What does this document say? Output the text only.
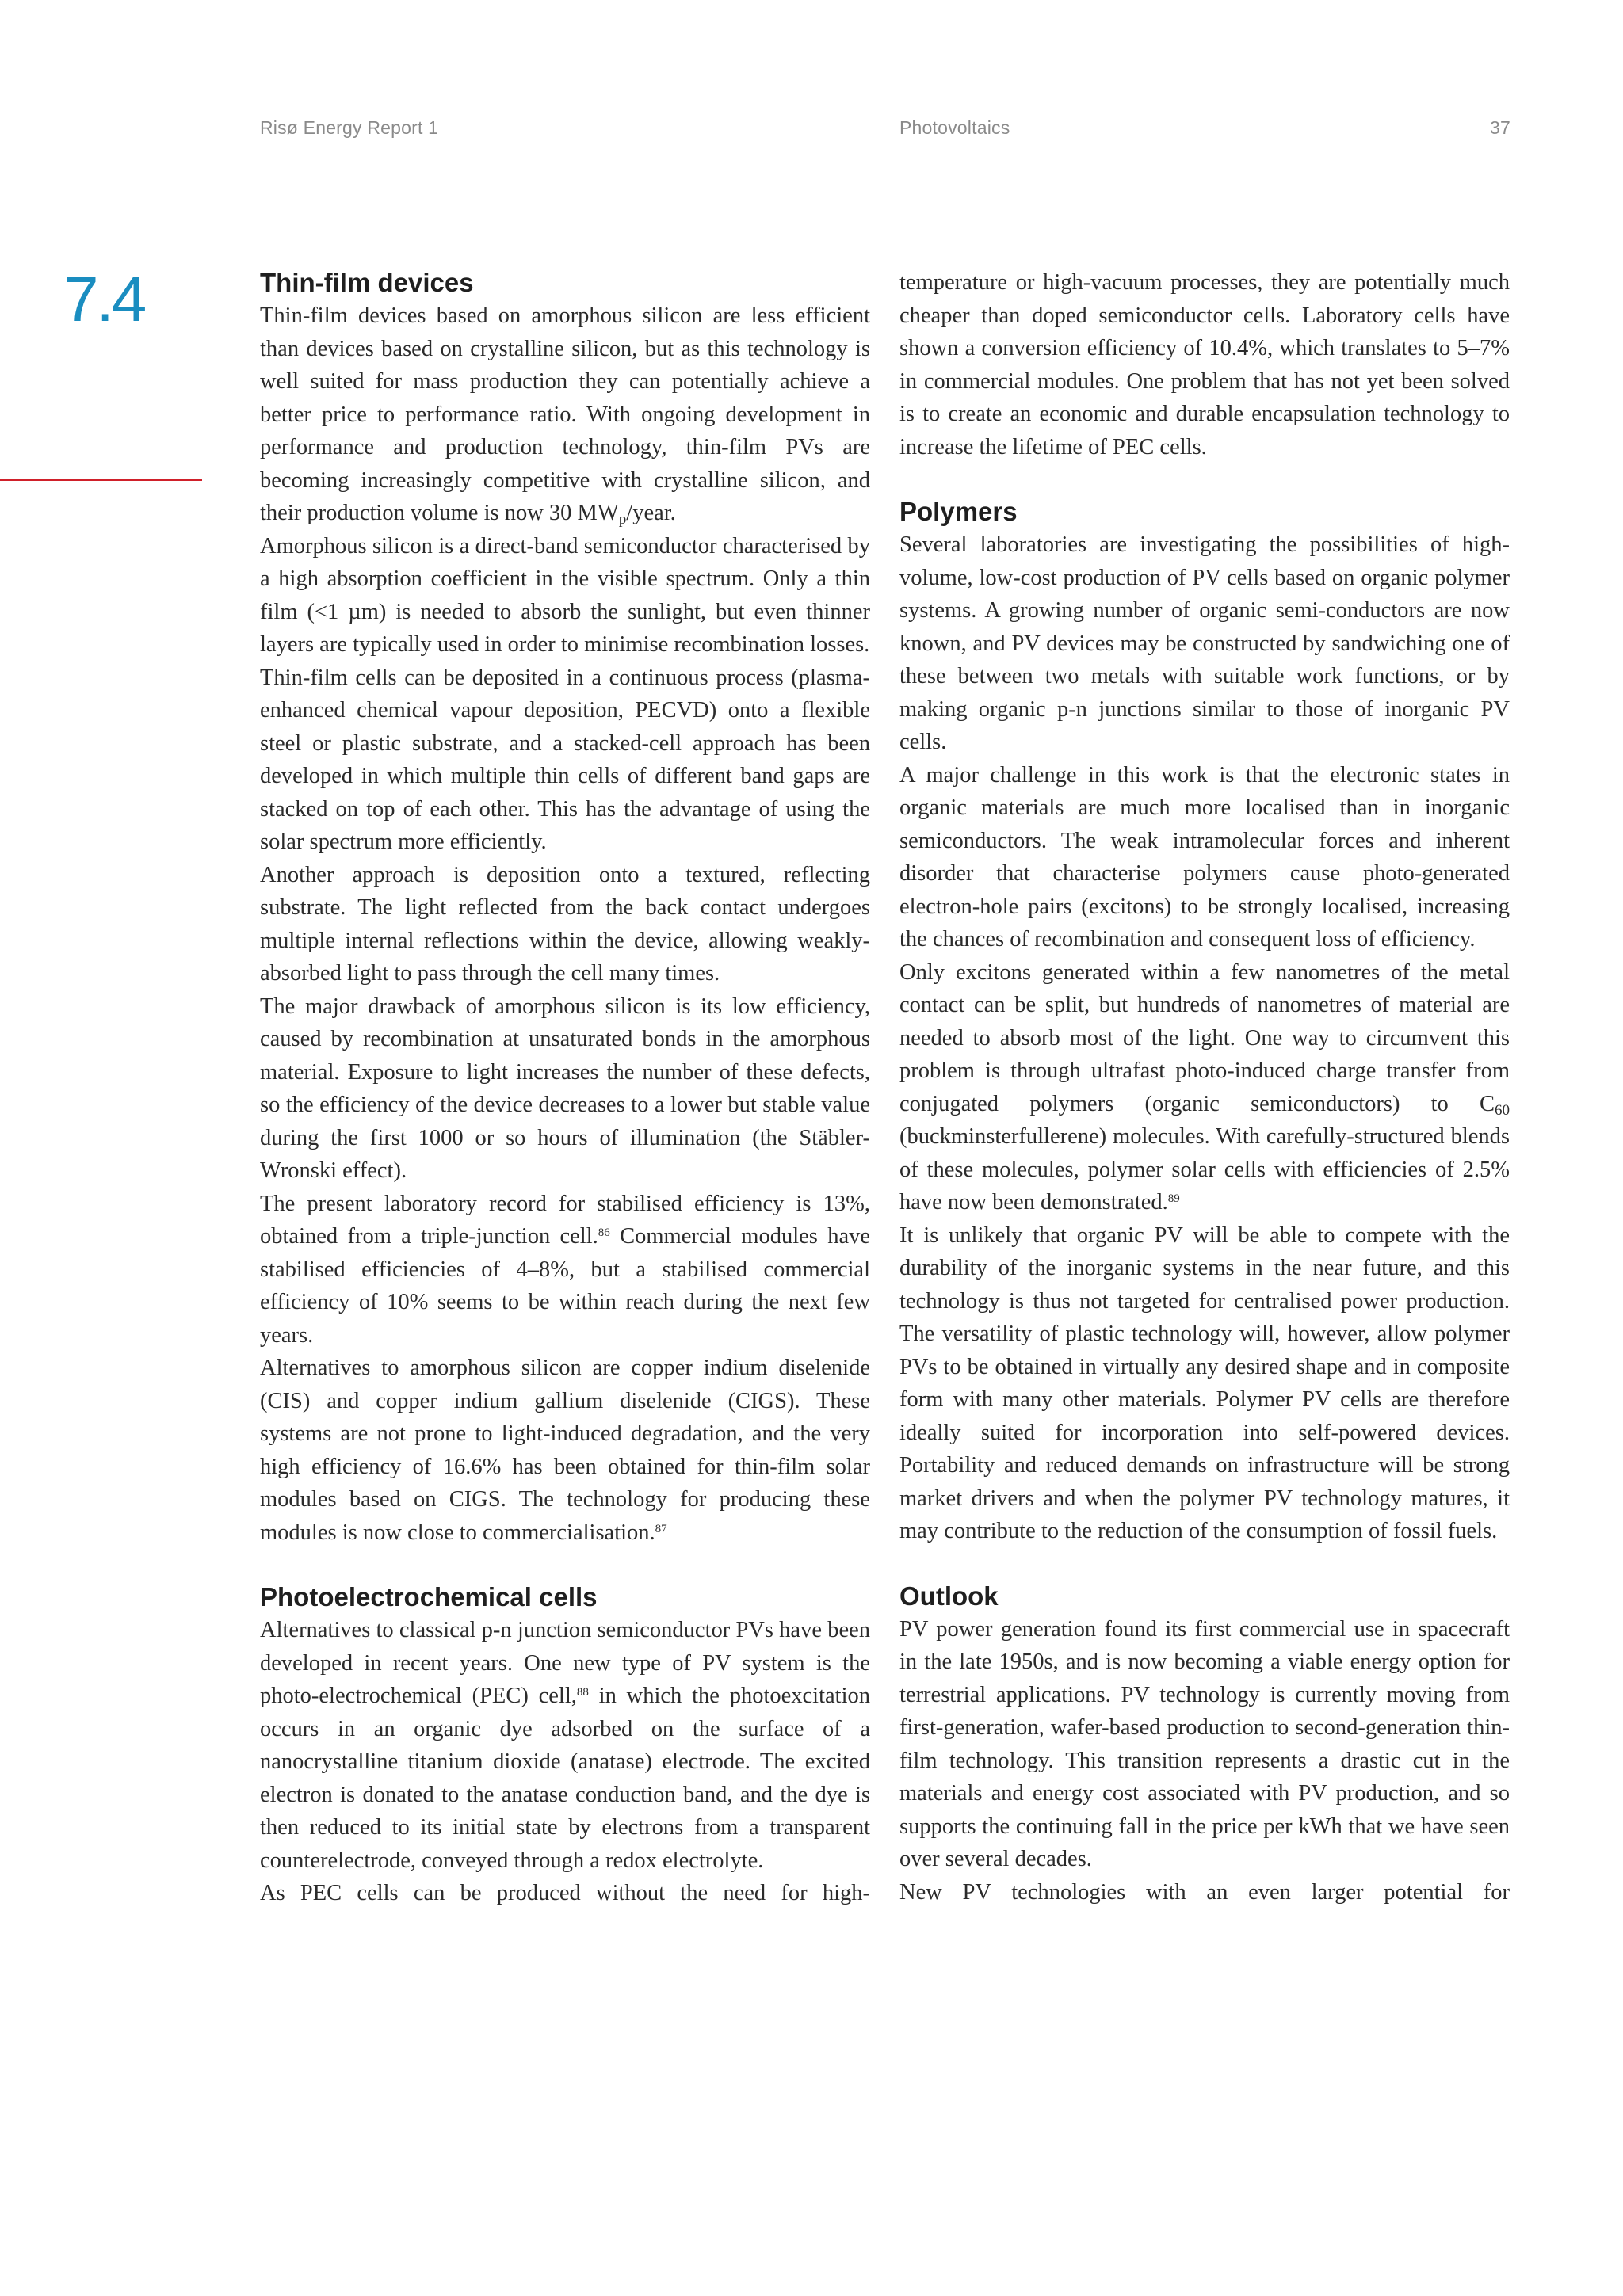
Risø Energy Report 1	Photovoltaics	37
7.4	Thin-film devices

Thin-film devices based on amorphous silicon are less efficient than devices based on crystalline silicon, but as this technology is well suited for mass production they can potentially achieve a better price to performance ratio. With ongoing development in performance and production technology, thin-film PVs are becoming increasingly competitive with crystalline silicon, and their production volume is now 30 $MW_p$/year.

Amorphous silicon is a direct-band semiconductor characterised by a high absorption coefficient in the visible spectrum. Only a thin film (<1 µm) is needed to absorb the sunlight, but even thinner layers are typically used in order to minimise recombination losses.

Thin-film cells can be deposited in a continuous process (plasma-enhanced chemical vapour deposition, PECVD) onto a flexible steel or plastic substrate, and a stacked-cell approach has been developed in which multiple thin cells of different band gaps are stacked on top of each other. This has the advantage of using the solar spectrum more efficiently.

Another approach is deposition onto a textured, reflecting substrate. The light reflected from the back contact undergoes multiple internal reflections within the device, allowing weakly-absorbed light to pass through the cell many times.

The major drawback of amorphous silicon is its low efficiency, caused by recombination at unsaturated bonds in the amorphous material. Exposure to light increases the number of these defects, so the efficiency of the device decreases to a lower but stable value during the first 1000 or so hours of illumination (the Stäbler-Wronski effect).

The present laboratory record for stabilised efficiency is 13%, obtained from a triple-junction cell.$^{86}$ Commercial modules have stabilised efficiencies of 4–8%, but a stabilised commercial efficiency of 10% seems to be within reach during the next few years.

Alternatives to amorphous silicon are copper indium diselenide (CIS) and copper indium gallium diselenide (CIGS). These systems are not prone to light-induced degradation, and the very high efficiency of 16.6% has been obtained for thin-film solar modules based on CIGS. The technology for producing these modules is now close to commercialisation.$^{87}$

Photoelectrochemical cells

Alternatives to classical p-n junction semiconductor PVs have been developed in recent years. One new type of PV system is the photo-electrochemical (PEC) cell,$^{88}$ in which the photoexcitation occurs in an organic dye adsorbed on the surface of a nanocrystalline titanium dioxide (anatase) electrode. The excited electron is donated to the anatase conduction band, and the dye is then reduced to its initial state by electrons from a transparent counterelectrode, conveyed through a redox electrolyte.

As PEC cells can be produced without the need for high-

temperature or high-vacuum processes, they are potentially much cheaper than doped semiconductor cells. Laboratory cells have shown a conversion efficiency of 10.4%, which translates to 5–7% in commercial modules. One problem that has not yet been solved is to create an economic and durable encapsulation technology to increase the lifetime of PEC cells.

Polymers

Several laboratories are investigating the possibilities of high-volume, low-cost production of PV cells based on organic polymer systems. A growing number of organic semi-conductors are now known, and PV devices may be constructed by sandwiching one of these between two metals with suitable work functions, or by making organic p-n junctions similar to those of inorganic PV cells.

A major challenge in this work is that the electronic states in organic materials are much more localised than in inorganic semiconductors. The weak intramolecular forces and inherent disorder that characterise polymers cause photo-generated electron-hole pairs (excitons) to be strongly localised, increasing the chances of recombination and consequent loss of efficiency.

Only excitons generated within a few nanometres of the metal contact can be split, but hundreds of nanometres of material are needed to absorb most of the light. One way to circumvent this problem is through ultrafast photo-induced charge transfer from conjugated polymers (organic semiconductors) to $C_{60}$ (buckminsterfullerene) molecules. With carefully-structured blends of these molecules, polymer solar cells with efficiencies of 2.5% have now been demonstrated.$^{89}$

It is unlikely that organic PV will be able to compete with the durability of the inorganic systems in the near future, and this technology is thus not targeted for centralised power production. The versatility of plastic technology will, however, allow polymer PVs to be obtained in virtually any desired shape and in composite form with many other materials. Polymer PV cells are therefore ideally suited for incorporation into self-powered devices. Portability and reduced demands on infrastructure will be strong market drivers and when the polymer PV technology matures, it may contribute to the reduction of the consumption of fossil fuels.

Outlook

PV power generation found its first commercial use in spacecraft in the late 1950s, and is now becoming a viable energy option for terrestrial applications. PV technology is currently moving from first-generation, wafer-based production to second-generation thin-film technology. This transition represents a drastic cut in the materials and energy cost associated with PV production, and so supports the continuing fall in the price per kWh that we have seen over several decades.

New PV technologies with an even larger potential for
